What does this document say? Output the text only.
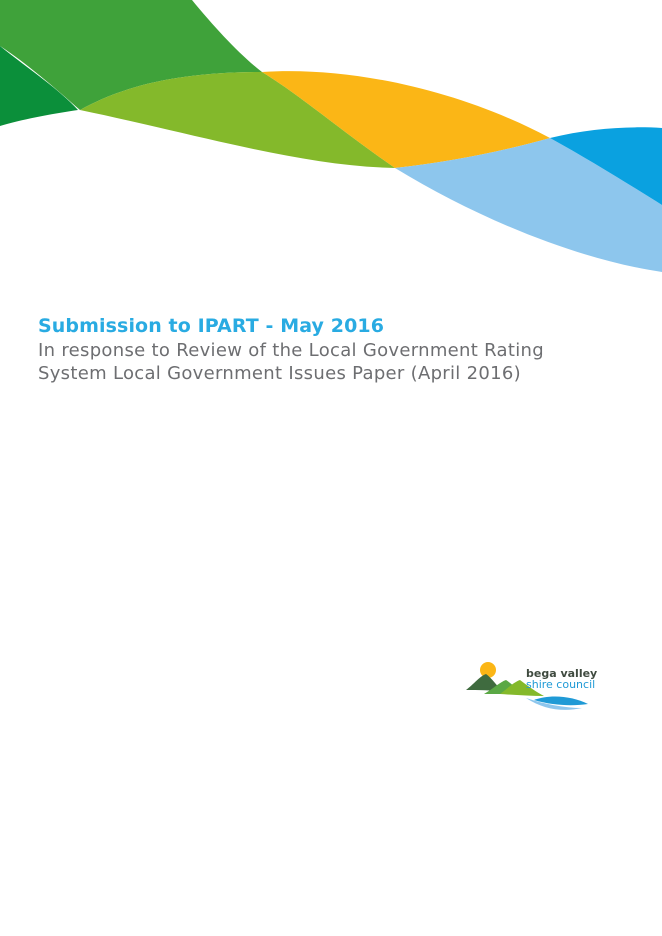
Submission to IPART - May 2016

In response to Review of the Local Government Rating

System Local Government Issues Paper (April 2016)

bega valley
shire council
